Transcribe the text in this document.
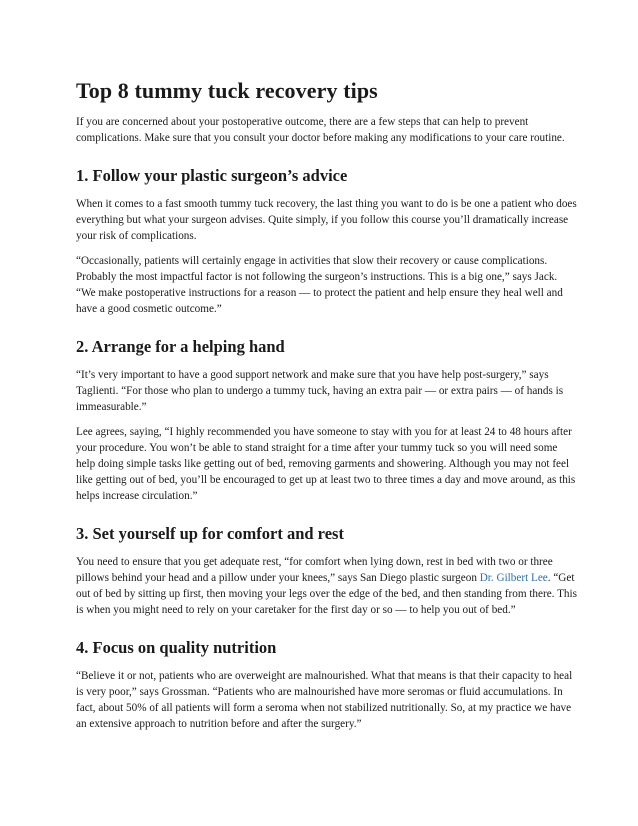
Top 8 tummy tuck recovery tips

If you are concerned about your postoperative outcome, there are a few steps that can help to prevent complications. Make sure that you consult your doctor before making any modifications to your care routine.

1. Follow your plastic surgeon’s advice

When it comes to a fast smooth tummy tuck recovery, the last thing you want to do is be one a patient who does everything but what your surgeon advises. Quite simply, if you follow this course you’ll dramatically increase your risk of complications.

“Occasionally, patients will certainly engage in activities that slow their recovery or cause complications. Probably the most impactful factor is not following the surgeon’s instructions. This is a big one,” says Jack. “We make postoperative instructions for a reason — to protect the patient and help ensure they heal well and have a good cosmetic outcome.”

2. Arrange for a helping hand

“It’s very important to have a good support network and make sure that you have help post-surgery,” says Taglienti. “For those who plan to undergo a tummy tuck, having an extra pair — or extra pairs — of hands is immeasurable.”

Lee agrees, saying, “I highly recommended you have someone to stay with you for at least 24 to 48 hours after your procedure. You won’t be able to stand straight for a time after your tummy tuck so you will need some help doing simple tasks like getting out of bed, removing garments and showering. Although you may not feel like getting out of bed, you’ll be encouraged to get up at least two to three times a day and move around, as this helps increase circulation.”

3. Set yourself up for comfort and rest

You need to ensure that you get adequate rest, “for comfort when lying down, rest in bed with two or three pillows behind your head and a pillow under your knees,” says San Diego plastic surgeon Dr. Gilbert Lee. “Get out of bed by sitting up first, then moving your legs over the edge of the bed, and then standing from there. This is when you might need to rely on your caretaker for the first day or so — to help you out of bed.”

4. Focus on quality nutrition

“Believe it or not, patients who are overweight are malnourished. What that means is that their capacity to heal is very poor,” says Grossman. “Patients who are malnourished have more seromas or fluid accumulations. In fact, about 50% of all patients will form a seroma when not stabilized nutritionally. So, at my practice we have an extensive approach to nutrition before and after the surgery.”
